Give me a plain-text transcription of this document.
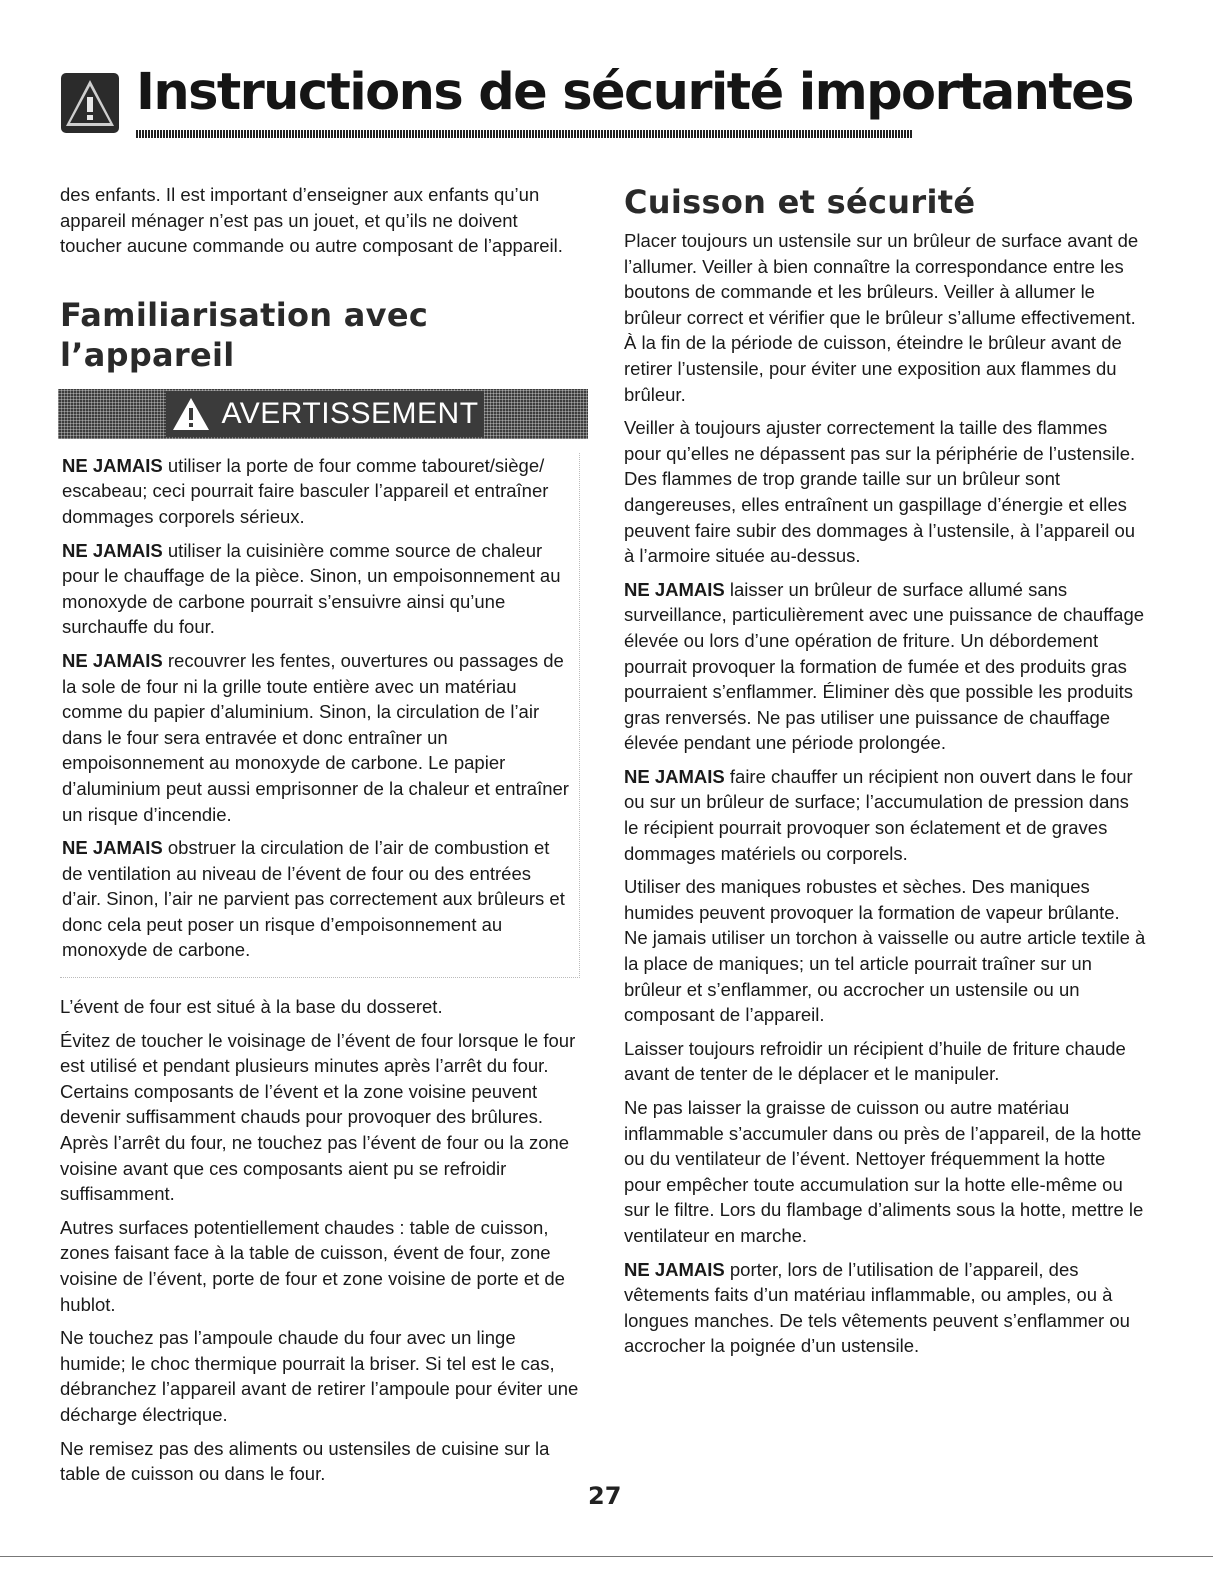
Instructions de sécurité importantes

des enfants. Il est important d’enseigner aux enfants qu’un appareil ménager n’est pas un jouet, et qu’ils ne doivent toucher aucune commande ou autre composant de l’appareil.

Familiarisation avec l’appareil
AVERTISSEMENT

NE JAMAIS utiliser la porte de four comme tabouret/siège/ escabeau; ceci pourrait faire basculer l’appareil et entraîner dommages corporels sérieux.

NE JAMAIS utiliser la cuisinière comme source de chaleur pour le chauffage de la pièce. Sinon, un empoisonnement au monoxyde de carbone pourrait s’ensuivre ainsi qu’une surchauffe du four.

NE JAMAIS recouvrer les fentes, ouvertures ou passages de la sole de four ni la grille toute entière avec un matériau comme du papier d’aluminium. Sinon, la circulation de l’air dans le four sera entravée et donc entraîner un empoisonnement au monoxyde de carbone. Le papier d’aluminium peut aussi emprisonner de la chaleur et entraîner un risque d’incendie.

NE JAMAIS obstruer la circulation de l’air de combustion et de ventilation au niveau de l’évent de four ou des entrées d’air. Sinon, l’air ne parvient pas correctement aux brûleurs et donc cela peut poser un risque d’empoisonnement au monoxyde de carbone.

L’évent de four est situé à la base du dosseret.

Évitez de toucher le voisinage de l’évent de four lorsque le four est utilisé et pendant plusieurs minutes après l’arrêt du four. Certains composants de l’évent et la zone voisine peuvent devenir suffisamment chauds pour provoquer des brûlures. Après l’arrêt du four, ne touchez pas l’évent de four ou la zone voisine avant que ces composants aient pu se refroidir suffisamment.

Autres surfaces potentiellement chaudes : table de cuisson, zones faisant face à la table de cuisson, évent de four, zone voisine de l’évent, porte de four et zone voisine de porte et de hublot.

Ne touchez pas l’ampoule chaude du four avec un linge humide; le choc thermique pourrait la briser. Si tel est le cas, débranchez l’appareil avant de retirer l’ampoule pour éviter une décharge électrique.

Ne remisez pas des aliments ou ustensiles de cuisine sur la table de cuisson ou dans le four.

Cuisson et sécurité

Placer toujours un ustensile sur un brûleur de surface avant de l’allumer. Veiller à bien connaître la correspondance entre les boutons de commande et les brûleurs. Veiller à allumer le brûleur correct et vérifier que le brûleur s’allume effectivement. À la fin de la période de cuisson, éteindre le brûleur avant de retirer l’ustensile, pour éviter une exposition aux flammes du brûleur.

Veiller à toujours ajuster correctement la taille des flammes pour qu’elles ne dépassent pas sur la périphérie de l’ustensile. Des flammes de trop grande taille sur un brûleur sont dangereuses, elles entraînent un gaspillage d’énergie et elles peuvent faire subir des dommages à l’ustensile, à l’appareil ou à l’armoire située au-dessus.

NE JAMAIS laisser un brûleur de surface allumé sans surveillance, particulièrement avec une puissance de chauffage élevée ou lors d’une opération de friture. Un débordement pourrait provoquer la formation de fumée et des produits gras pourraient s’enflammer. Éliminer dès que possible les produits gras renversés. Ne pas utiliser une puissance de chauffage élevée pendant une période prolongée.

NE JAMAIS faire chauffer un récipient non ouvert dans le four ou sur un brûleur de surface; l’accumulation de pression dans le récipient pourrait provoquer son éclatement et de graves dommages matériels ou corporels.

Utiliser des maniques robustes et sèches. Des maniques humides peuvent provoquer la formation de vapeur brûlante. Ne jamais utiliser un torchon à vaisselle ou autre article textile à la place de maniques; un tel article pourrait traîner sur un brûleur et s’enflammer, ou accrocher un ustensile ou un composant de l’appareil.

Laisser toujours refroidir un récipient d’huile de friture chaude avant de tenter de le déplacer et le manipuler.

Ne pas laisser la graisse de cuisson ou autre matériau inflammable s’accumuler dans ou près de l’appareil, de la hotte ou du ventilateur de l’évent. Nettoyer fréquemment la hotte pour empêcher toute accumulation sur la hotte elle-même ou sur le filtre. Lors du flambage d’aliments sous la hotte, mettre le ventilateur en marche.

NE JAMAIS porter, lors de l’utilisation de l’appareil, des vêtements faits d’un matériau inflammable, ou amples, ou à longues manches. De tels vêtements peuvent s’enflammer ou accrocher la poignée d’un ustensile.

27
